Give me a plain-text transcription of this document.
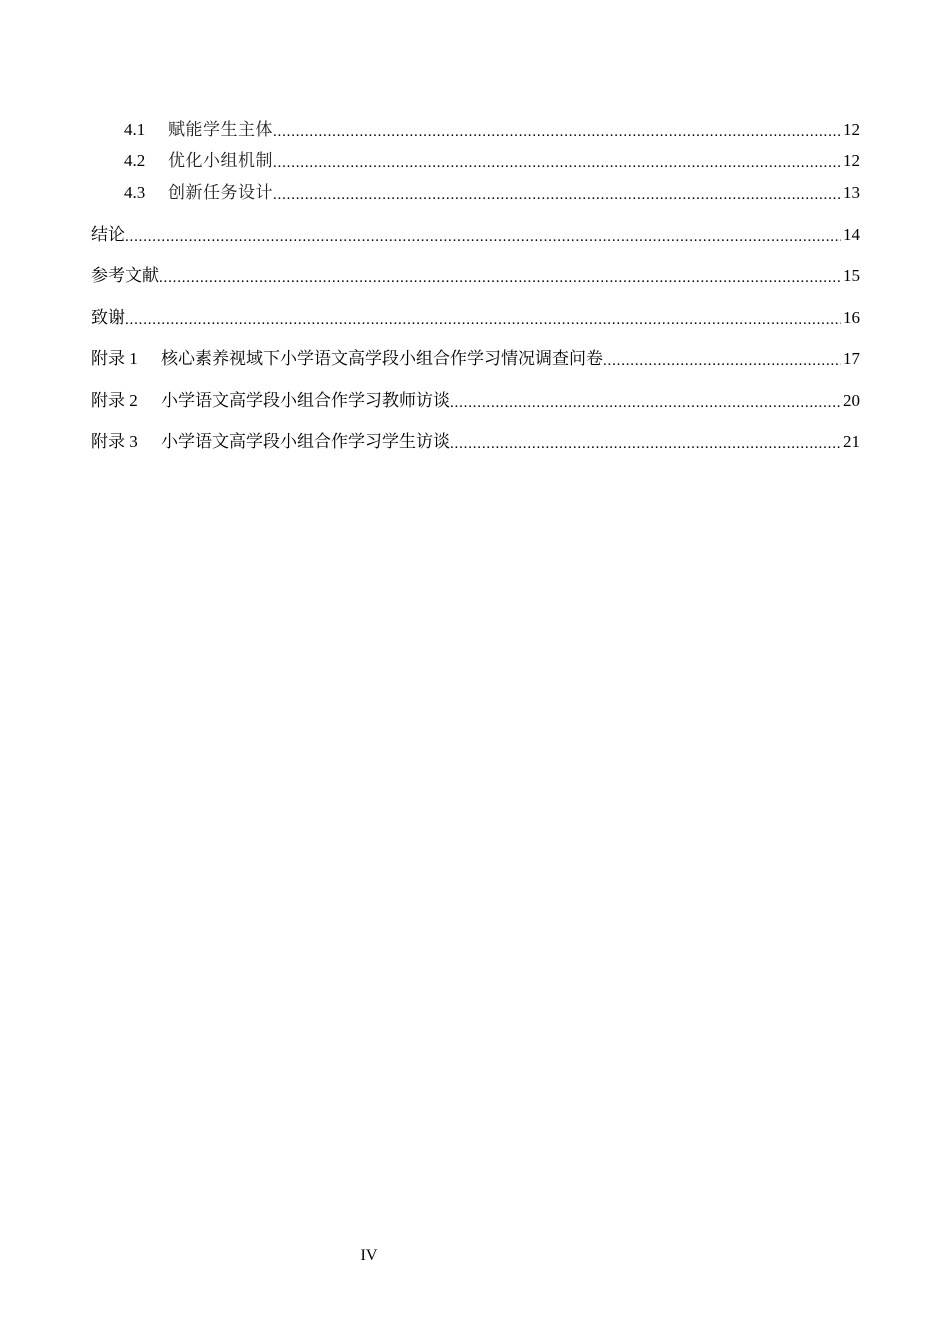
4.1	赋能学生主体 .....	12
4.2	优化小组机制 .....	12
4.3	创新任务设计 .....	13
结论 .....	14
参考文献 .....	15
致谢 .....	16
附录 1	核心素养视域下小学语文高学段小组合作学习情况调查问卷 .....	17
附录 2	小学语文高学段小组合作学习教师访谈 .....	20
附录 3	小学语文高学段小组合作学习学生访谈 .....	21
IV
